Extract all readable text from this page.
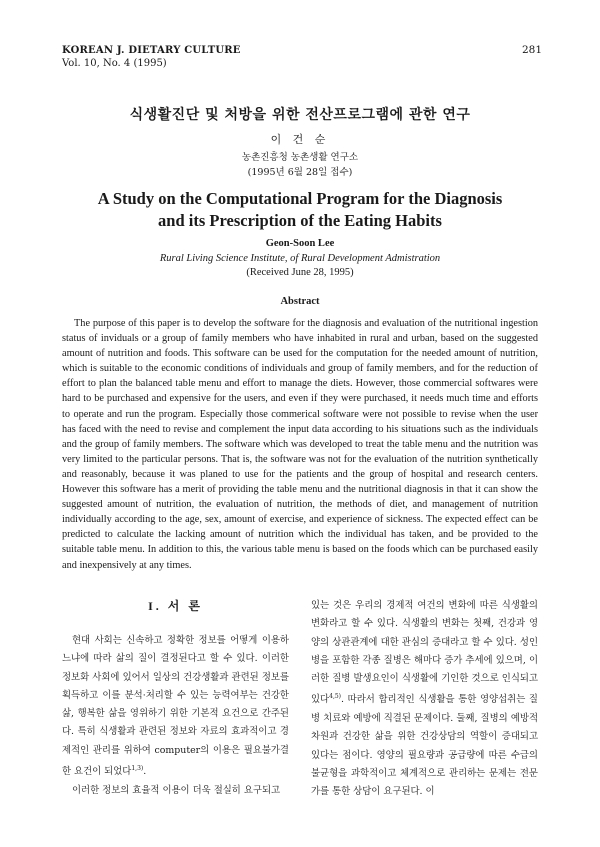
KOREAN J. DIETARY CULTURE
Vol. 10, No. 4 (1995)
281
식생활진단 및 처방을 위한 전산프로그램에 관한 연구
이 건 순
농촌진흥청 농촌생활 연구소
(1995년 6월 28일 접수)
A Study on the Computational Program for the Diagnosis
and its Prescription of the Eating Habits
Geon-Soon Lee
Rural Living Science Institute, of Rural Development Admistration
(Received June 28, 1995)
Abstract

The purpose of this paper is to develop the software for the diagnosis and evaluation of the nutritional ingestion status of inviduals or a group of family members who have inhabited in rural and urban, based on the suggested amount of nutrition and foods. This software can be used for the computation for the needed amount of nutrition, which is suitable to the economic conditions of individuals and group of family members, and for the reduction of effort to plan the balanced table menu and effort to manage the diets. However, those commercial softwares were hard to be purchased and expensive for the users, and even if they were purchased, it needs much time and efforts to operate and run the program. Especially those commerical software were not possible to revise when the user has faced with the need to revise and complement the input data according to his situations such as the individuals and the group of family members. The software which was developed to treat the table menu and the nutrition was very limited to the particular persons. That is, the software was not for the evaluation of the nutrition synthetically and reasonably, because it was planed to use for the patients and the group of hospital and research centers. However this software has a merit of providing the table menu and the nutritional diagnosis in that it can show the suggested amount of nutrition, the evaluation of nutrition, the methods of diet, and management of nutrition individually according to the age, sex, amount of exercise, and experience of sickness. The expected effect can be predicted to calculate the lacking amount of nutrition which the individual has taken, and be provided to the suitable table menu. In addition to this, the various table menu is based on the foods which can be purchased easily and inexpensively at any times.

I. 서 론

현대 사회는 신속하고 정확한 정보를 어떻게 이용하느냐에 따라 삶의 질이 결정된다고 할 수 있다. 이러한 정보화 사회에 있어서 일상의 건강생활과 관련된 정보를 획득하고 이를 분석·처리할 수 있는 능력여부는 건강한 삶, 행복한 삶을 영위하기 위한 기본적 요건으로 간주된다. 특히 식생활과 관련된 정보와 자료의 효과적이고 경제적인 관리를 위하여 computer의 이용은 필요불가결한 요건이 되었다$^{1,3)}$.

이러한 정보의 효율적 이용이 더욱 절실히 요구되고

있는 것은 우리의 경제적 여건의 변화에 따른 식생활의 변화라고 할 수 있다. 식생활의 변화는 첫째, 건강과 영양의 상관관계에 대한 관심의 증대라고 할 수 있다. 성인병을 포함한 각종 질병은 해마다 증가 추세에 있으며, 이러한 질병 발생요인이 식생활에 기인한 것으로 인식되고 있다$^{4,5)}$. 따라서 합리적인 식생활을 통한 영양섭취는 질병 치료와 예방에 직결된 문제이다. 둘째, 질병의 예방적 차원과 건강한 삶을 위한 건강상담의 역할이 증대되고 있다는 점이다. 영양의 필요량과 공급량에 따른 수급의 불균형을 과학적이고 체계적으로 관리하는 문제는 전문가를 통한 상담이 요구된다. 이
